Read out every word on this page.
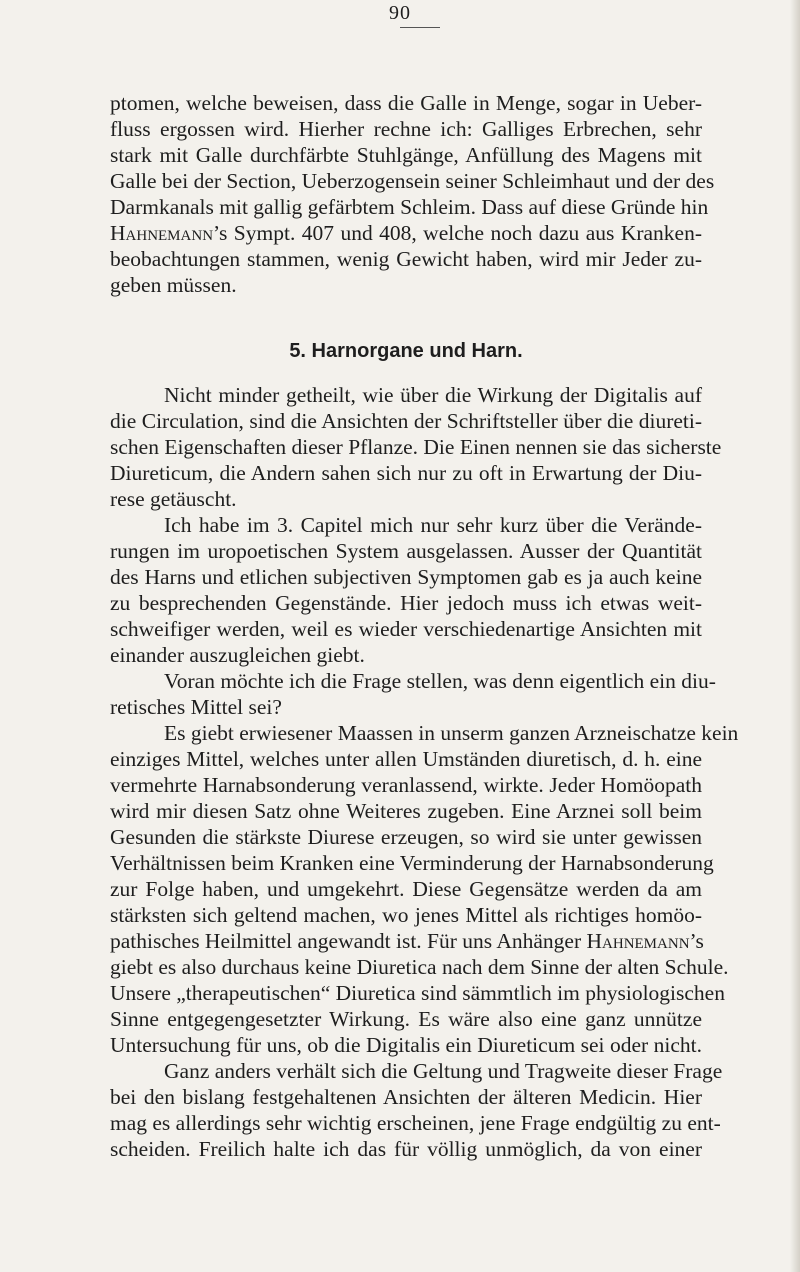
90
ptomen, welche beweisen, dass die Galle in Menge, sogar in Ueber-
fluss ergossen wird. Hierher rechne ich: Galliges Erbrechen, sehr
stark mit Galle durchfärbte Stuhlgänge, Anfüllung des Magens mit
Galle bei der Section, Ueberzogensein seiner Schleimhaut und der des
Darmkanals mit gallig gefärbtem Schleim. Dass auf diese Gründe hin
Hahnemann’s Sympt. 407 und 408, welche noch dazu aus Kranken-
beobachtungen stammen, wenig Gewicht haben, wird mir Jeder zu-
geben müssen.
5. Harnorgane und Harn.
Nicht minder getheilt, wie über die Wirkung der Digitalis auf
die Circulation, sind die Ansichten der Schriftsteller über die diureti-
schen Eigenschaften dieser Pflanze. Die Einen nennen sie das sicherste
Diureticum, die Andern sahen sich nur zu oft in Erwartung der Diu-
rese getäuscht.
Ich habe im 3. Capitel mich nur sehr kurz über die Verände-
rungen im uropoetischen System ausgelassen. Ausser der Quantität
des Harns und etlichen subjectiven Symptomen gab es ja auch keine
zu besprechenden Gegenstände. Hier jedoch muss ich etwas weit-
schweifiger werden, weil es wieder verschiedenartige Ansichten mit
einander auszugleichen giebt.
Voran möchte ich die Frage stellen, was denn eigentlich ein diu-
retisches Mittel sei?
Es giebt erwiesener Maassen in unserm ganzen Arzneischatze kein
einziges Mittel, welches unter allen Umständen diuretisch, d. h. eine
vermehrte Harnabsonderung veranlassend, wirkte. Jeder Homöopath
wird mir diesen Satz ohne Weiteres zugeben. Eine Arznei soll beim
Gesunden die stärkste Diurese erzeugen, so wird sie unter gewissen
Verhältnissen beim Kranken eine Verminderung der Harnabsonderung
zur Folge haben, und umgekehrt. Diese Gegensätze werden da am
stärksten sich geltend machen, wo jenes Mittel als richtiges homöo-
pathisches Heilmittel angewandt ist. Für uns Anhänger Hahnemann’s
giebt es also durchaus keine Diuretica nach dem Sinne der alten Schule.
Unsere „therapeutischen“ Diuretica sind sämmtlich im physiologischen
Sinne entgegengesetzter Wirkung. Es wäre also eine ganz unnütze
Untersuchung für uns, ob die Digitalis ein Diureticum sei oder nicht.
Ganz anders verhält sich die Geltung und Tragweite dieser Frage
bei den bislang festgehaltenen Ansichten der älteren Medicin. Hier
mag es allerdings sehr wichtig erscheinen, jene Frage endgültig zu ent-
scheiden. Freilich halte ich das für völlig unmöglich, da von einer
